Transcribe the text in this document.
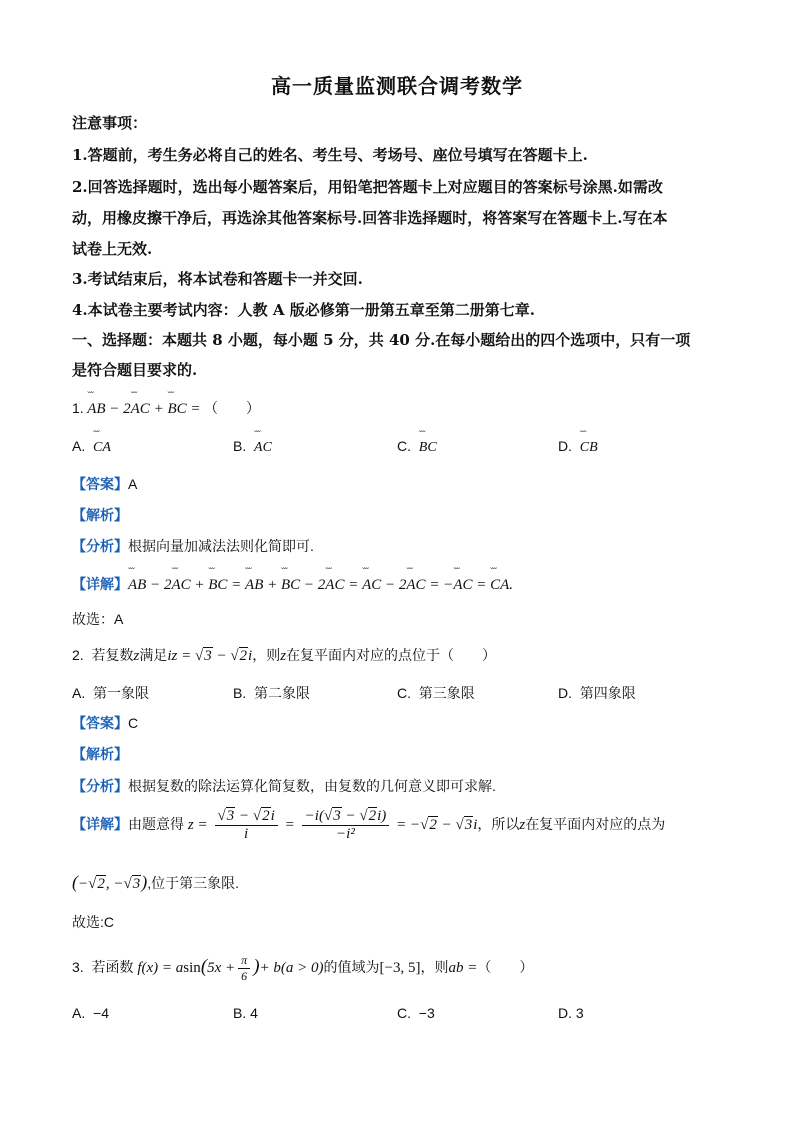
高一质量监测联合调考数学
注意事项：
1.答题前，考生务必将自己的姓名、考生号、考场号、座位号填写在答题卡上.
2.回答选择题时，选出每小题答案后，用铅笔把答题卡上对应题目的答案标号涂黑.如需改
动，用橡皮擦干净后，再选涂其他答案标号.回答非选择题时，将答案写在答题卡上.写在本
试卷上无效.
3.考试结束后，将本试卷和答题卡一并交回.
4.本试卷主要考试内容：人教 A 版必修第一册第五章至第二册第七章.
一、选择题：本题共 8 小题，每小题 5 分，共 40 分.在每小题给出的四个选项中，只有一项
是符合题目要求的.
1. ˘˘˘ AB − 2˘˘˘ AC + ˘˘˘ BC = （　　）
A. ˘˘˘ CA	B. ˘˘˘ AC	C. ˘˘˘ BC	D. ˘˘˘ CB
【答案】A
【解析】
【分析】根据向量加减法法则化简即可.
【详解】˘˘˘ AB − 2˘˘˘ AC + ˘˘˘ BC = ˘˘˘ AB + ˘˘˘ BC − 2˘˘˘ AC = ˘˘˘ AC − 2˘˘˘ AC = −˘˘˘ AC = ˘˘˘ CA.
故选：A
2. 若复数z满足iz = √3 − √2i，则z在复平面内对应的点位于（　　）
A. 第一象限	B. 第二象限	C. 第三象限	D. 第四象限
【答案】C
【解析】
【分析】根据复数的除法运算化简复数，由复数的几何意义即可求解.
【详解】由题意得 $z = \frac{√3 - √2i}{i} = \frac{-i(√3 - √2i)}{\text{−i²}} = -√2 - √3i$，所以z在复平面内对应的点为
(−√2, −√3),位于第三象限.
故选:C
3. 若函数 $f(x) = asin(5x + \frac{\pi}{6}$ )+ b(a > 0)的值域为[−3, 5]，则ab =（　　）
A. −4	B. 4	C. −3	D. 3
